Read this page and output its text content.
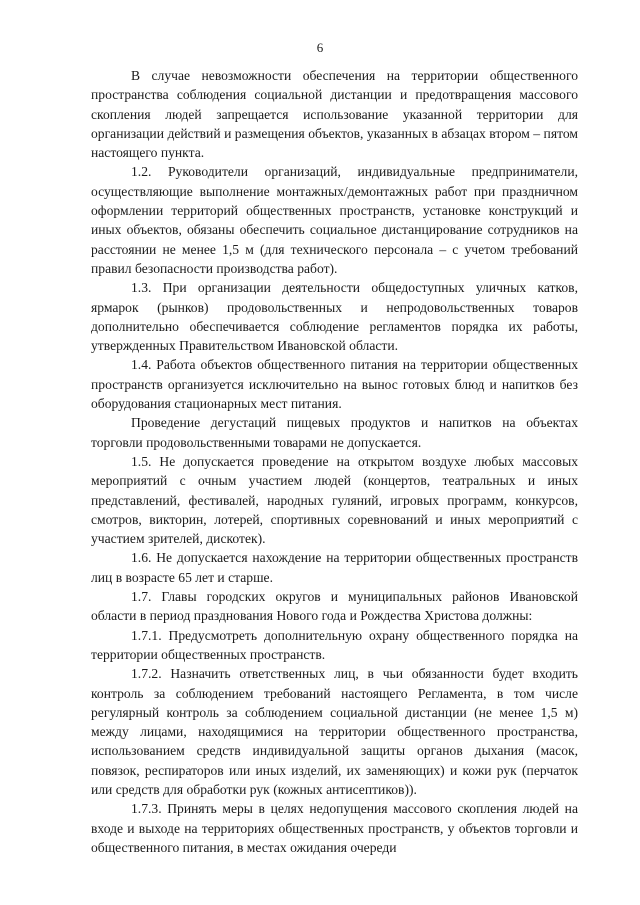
6

В случае невозможности обеспечения на территории общественного пространства соблюдения социальной дистанции и предотвращения массового скопления людей запрещается использование указанной территории для организации действий и размещения объектов, указанных в абзацах втором – пятом настоящего пункта.

1.2. Руководители организаций, индивидуальные предприниматели, осуществляющие выполнение монтажных/демонтажных работ при праздничном оформлении территорий общественных пространств, установке конструкций и иных объектов, обязаны обеспечить социальное дистанцирование сотрудников на расстоянии не менее 1,5 м (для технического персонала – с учетом требований правил безопасности производства работ).

1.3. При организации деятельности общедоступных уличных катков, ярмарок (рынков) продовольственных и непродовольственных товаров дополнительно обеспечивается соблюдение регламентов порядка их работы, утвержденных Правительством Ивановской области.

1.4. Работа объектов общественного питания на территории общественных пространств организуется исключительно на вынос готовых блюд и напитков без оборудования стационарных мест питания.

Проведение дегустаций пищевых продуктов и напитков на объектах торговли продовольственными товарами не допускается.

1.5. Не допускается проведение на открытом воздухе любых массовых мероприятий с очным участием людей (концертов, театральных и иных представлений, фестивалей, народных гуляний, игровых программ, конкурсов, смотров, викторин, лотерей, спортивных соревнований и иных мероприятий с участием зрителей, дискотек).

1.6. Не допускается нахождение на территории общественных пространств лиц в возрасте 65 лет и старше.

1.7. Главы городских округов и муниципальных районов Ивановской области в период празднования Нового года и Рождества Христова должны:

1.7.1. Предусмотреть дополнительную охрану общественного порядка на территории общественных пространств.

1.7.2. Назначить ответственных лиц, в чьи обязанности будет входить контроль за соблюдением требований настоящего Регламента, в том числе регулярный контроль за соблюдением социальной дистанции (не менее 1,5 м) между лицами, находящимися на территории общественного пространства, использованием средств индивидуальной защиты органов дыхания (масок, повязок, респираторов или иных изделий, их заменяющих) и кожи рук (перчаток или средств для обработки рук (кожных антисептиков)).

1.7.3. Принять меры в целях недопущения массового скопления людей на входе и выходе на территориях общественных пространств, у объектов торговли и общественного питания, в местах ожидания очереди
